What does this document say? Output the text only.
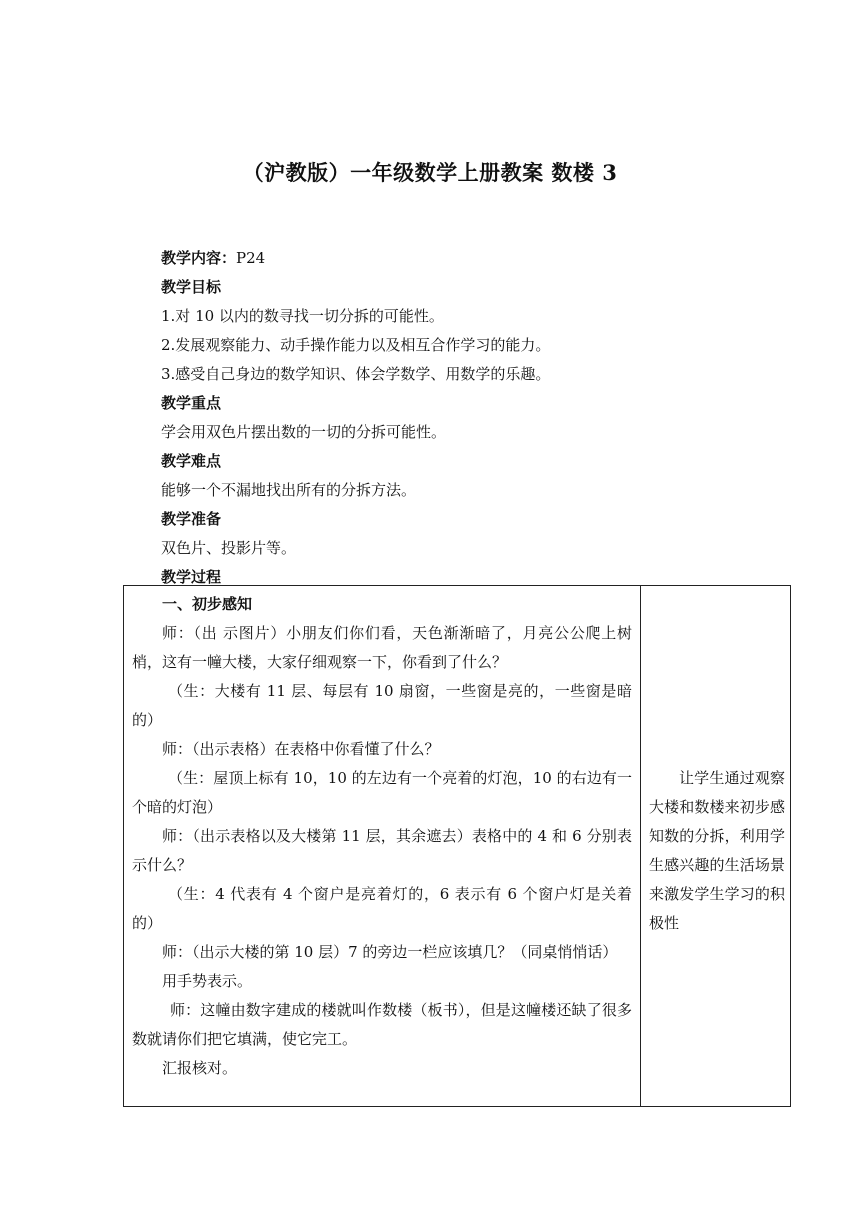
（沪教版）一年级数学上册教案 数楼 3
教学内容：P24
教学目标
1.对 10 以内的数寻找一切分拆的可能性。
2.发展观察能力、动手操作能力以及相互合作学习的能力。
3.感受自己身边的数学知识、体会学数学、用数学的乐趣。
教学重点
学会用双色片摆出数的一切的分拆可能性。
教学难点
能够一个不漏地找出所有的分拆方法。
教学准备
双色片、投影片等。
教学过程

一、初步感知

师：（出 示图片）小朋友们你们看，天色渐渐暗了，月亮公公爬上树梢，这有一幢大楼，大家仔细观察一下，你看到了什么？

（生：大楼有 11 层、每层有 10 扇窗，一些窗是亮的，一些窗是暗的）

师：（出示表格）在表格中你看懂了什么？

（生：屋顶上标有 10，10 的左边有一个亮着的灯泡，10 的右边有一个暗的灯泡）

师：（出示表格以及大楼第 11 层，其余遮去）表格中的 4 和 6 分别表示什么？

（生：4 代表有 4 个窗户是亮着灯的，6 表示有 6 个窗户灯是关着的）

师：（出示大楼的第 10 层）7 的旁边一栏应该填几？（同桌悄悄话）

用手势表示。

师：这幢由数字建成的楼就叫作数楼（板书），但是这幢楼还缺了很多数就请你们把它填满，使它完工。

汇报核对。

让学生通过观察大楼和数楼来初步感知数的分拆，利用学生感兴趣的生活场景来激发学生学习的积极性
